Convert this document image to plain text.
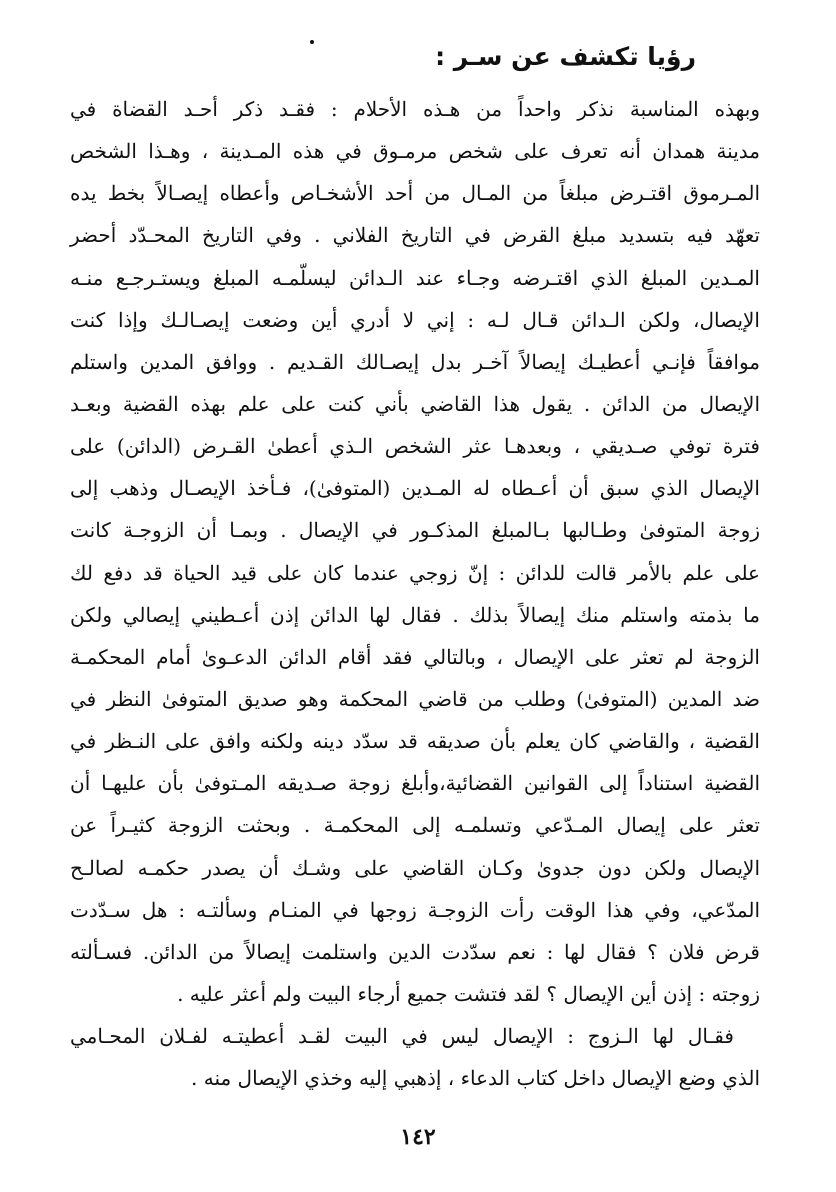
رؤيا تكشف عن سـر :
وبهذه المناسبة نذكر واحداً من هـذه الأحلام : فقـد ذكر أحـد القضاة في
مدينة همدان أنه تعرف على شخص مرمـوق في هذه المـدينة ، وهـذا الشخص
المـرموق اقتـرض مبلغاً من المـال من أحد الأشخـاص وأعطاه إيصـالاً بخط يده
تعهّد فيه بتسديد مبلغ القرض في التاريخ الفلاني . وفي التاريخ المحـدّد أحضر
المـدين المبلغ الذي اقتـرضه وجـاء عند الـدائن ليسلّمـه المبلغ ويستـرجـع منـه
الإيصال، ولكن الـدائن قـال لـه : إني لا أدري أين وضعت إيصـالـك وإذا كنت
موافقاً فإنـي أعطيـك إيصالاً آخـر بدل إيصـالك القـديم . ووافق المدين واستلم
الإيصال من الدائن . يقول هذا القاضي بأني كنت على علم بهذه القضية وبعـد
فترة توفي صـديقي ، وبعدهـا عثر الشخص الـذي أعطىٰ القـرض (الدائن) على
الإيصال الذي سبق أن أعـطاه له المـدين (المتوفىٰ)، فـأخذ الإيصـال وذهب إلى
زوجة المتوفىٰ وطـالبها بـالمبلغ المذكـور في الإيصال . وبمـا أن الزوجـة كانت
على علم بالأمر قالت للدائن : إنّ زوجي عندما كان على قيد الحياة قد دفع لك
ما بذمته واستلم منك إيصالاً بذلك . فقال لها الدائن إذن أعـطيني إيصالي ولكن
الزوجة لم تعثر على الإيصال ، وبالتالي فقد أقام الدائن الدعـوىٰ أمام المحكمـة
ضد المدين (المتوفىٰ) وطلب من قاضي المحكمة وهو صديق المتوفىٰ النظر في
القضية ، والقاضي كان يعلم بأن صديقه قد سدّد دينه ولكنه وافق على النـظر في
القضية استناداً إلى القوانين القضائية،وأبلغ زوجة صـديقه المـتوفىٰ بأن عليهـا أن
تعثر على إيصال المـدّعي وتسلمـه إلى المحكمـة . وبحثت الزوجة كثيـراً عن
الإيصال ولكن دون جدوىٰ وكـان القاضي على وشـك أن يصدر حكمـه لصالـح
المدّعي، وفي هذا الوقت رأت الزوجـة زوجها في المنـام وسألتـه : هل سـدّدت
قرض فلان ؟ فقال لها : نعم سدّدت الدين واستلمت إيصالاً من الدائن. فسـألته
زوجته : إذن أين الإيصال ؟ لقد فتشت جميع أرجاء البيت ولم أعثر عليه .
فقـال لها الـزوج : الإيصال ليس في البيت لقـد أعطيتـه لفـلان المحـامي
الذي وضع الإيصال داخل كتاب الدعاء ، إذهبي إليه وخذي الإيصال منه .
١٤٢
